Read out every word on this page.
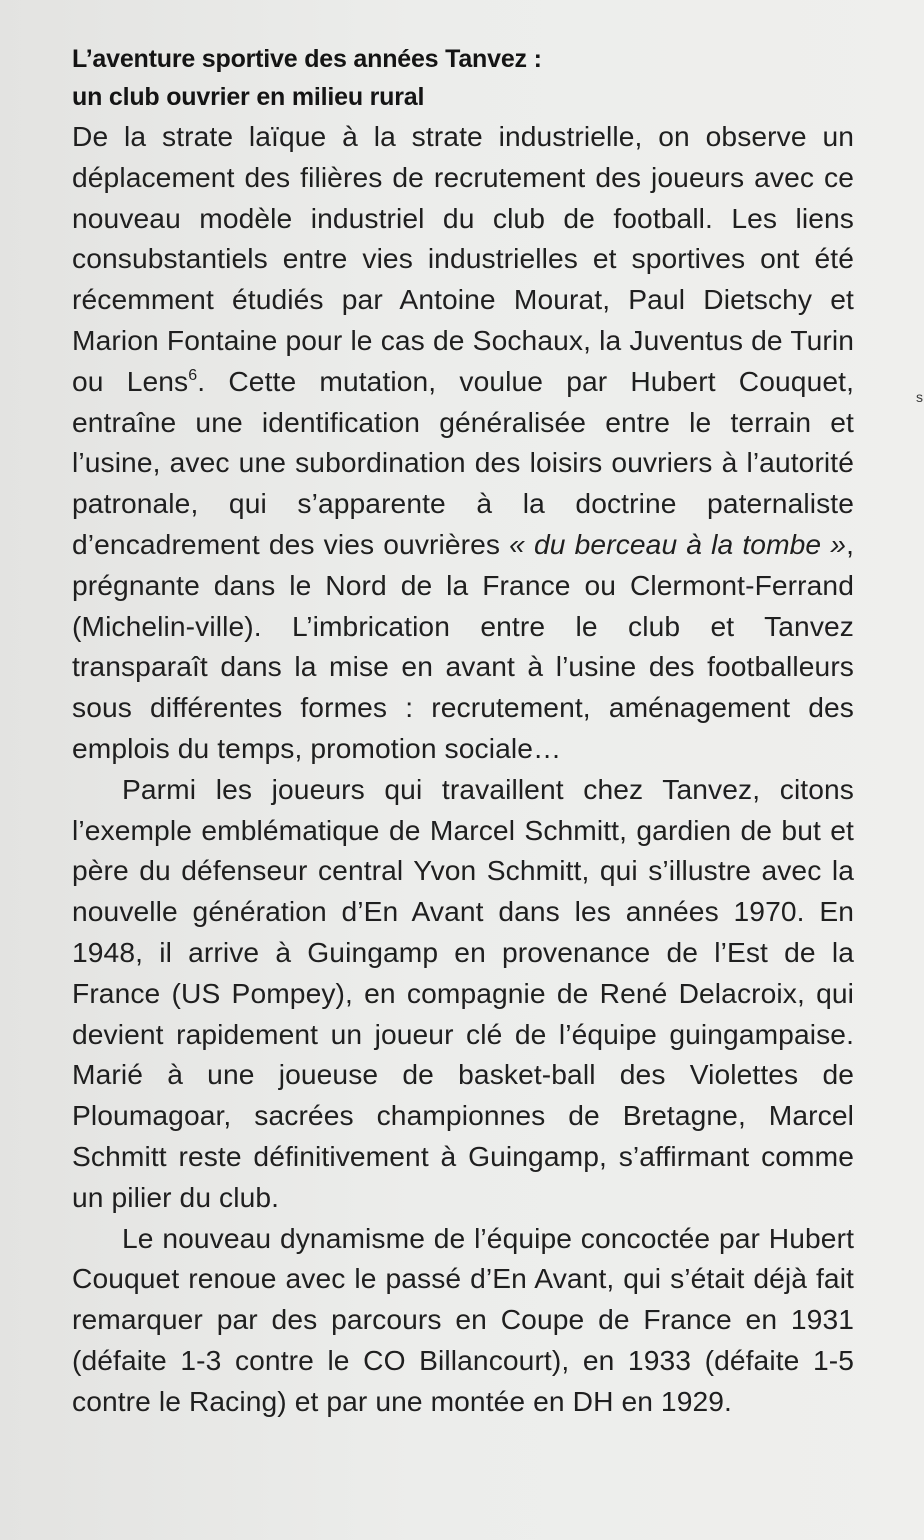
L’aventure sportive des années Tanvez :
un club ouvrier en milieu rural

De la strate laïque à la strate industrielle, on observe un déplacement des filières de recrutement des joueurs avec ce nouveau modèle industriel du club de football. Les liens consubstantiels entre vies industrielles et sportives ont été récemment étudiés par Antoine Mourat, Paul Dietschy et Marion Fontaine pour le cas de Sochaux, la Juventus de Turin ou Lens$^6$. Cette mutation, voulue par Hubert Couquet, entraîne une identification généralisée entre le terrain et l’usine, avec une subordination des loisirs ouvriers à l’autorité patronale, qui s’apparente à la doctrine paternaliste d’encadrement des vies ouvrières « du berceau à la tombe », prégnante dans le Nord de la France ou Clermont-Ferrand (Michelin-ville). L’imbrication entre le club et Tanvez transparaît dans la mise en avant à l’usine des footballeurs sous différentes formes : recrutement, aménagement des emplois du temps, promotion sociale…

Parmi les joueurs qui travaillent chez Tanvez, citons l’exemple emblématique de Marcel Schmitt, gardien de but et père du défenseur central Yvon Schmitt, qui s’illustre avec la nouvelle génération d’En Avant dans les années 1970. En 1948, il arrive à Guingamp en provenance de l’Est de la France (US Pompey), en compagnie de René Delacroix, qui devient rapidement un joueur clé de l’équipe guingampaise. Marié à une joueuse de basket-ball des Violettes de Ploumagoar, sacrées championnes de Bretagne, Marcel Schmitt reste définitivement à Guingamp, s’affirmant comme un pilier du club.

Le nouveau dynamisme de l’équipe concoctée par Hubert Couquet renoue avec le passé d’En Avant, qui s’était déjà fait remarquer par des parcours en Coupe de France en 1931 (défaite 1-3 contre le CO Billancourt), en 1933 (défaite 1-5 contre le Racing) et par une montée en DH en 1929.

s
